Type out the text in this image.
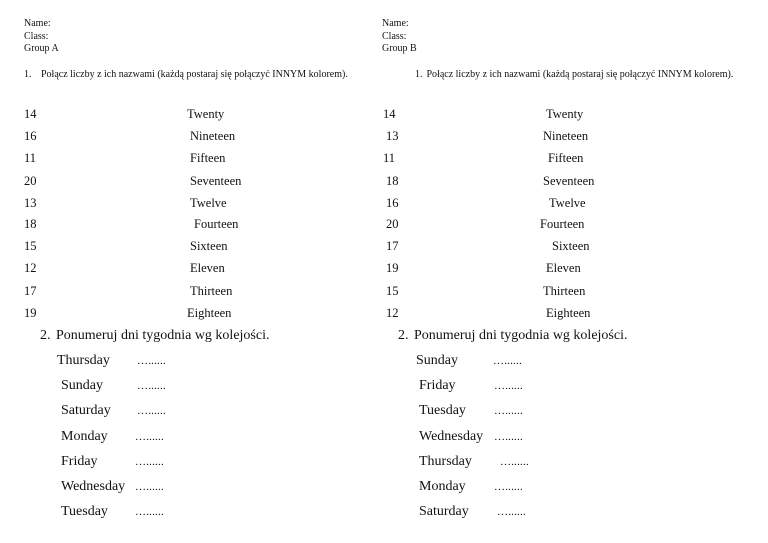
Name:
Class:
Group A
1. Połącz liczby z ich nazwami (każdą postaraj się połączyć INNYM kolorem).
14	Twenty
16	Nineteen
11	Fifteen
20	Seventeen
13	Twelve
18	Fourteen
15	Sixteen
12	Eleven
17	Thirteen
19	Eighteen
2. Ponumeruj dni tygodnia wg kolejości.
Thursday …......
Sunday	…......
Saturday …......
Monday …......
Friday	…......
Wednesday …......
Tuesday …......
Name:
Class:
Group B
1. Połącz liczby z ich nazwami (każdą postaraj się połączyć INNYM kolorem).
14	Twenty
13	Nineteen
11	Fifteen
18	Seventeen
16	Twelve
20	Fourteen
17	Sixteen
19	Eleven
15	Thirteen
12	Eighteen
2. Ponumeruj dni tygodnia wg kolejości.
Sunday	…......
Friday	…......
Tuesday	…......
Wednesday …......
Thursday	…......
Monday	…......
Saturday	…......
